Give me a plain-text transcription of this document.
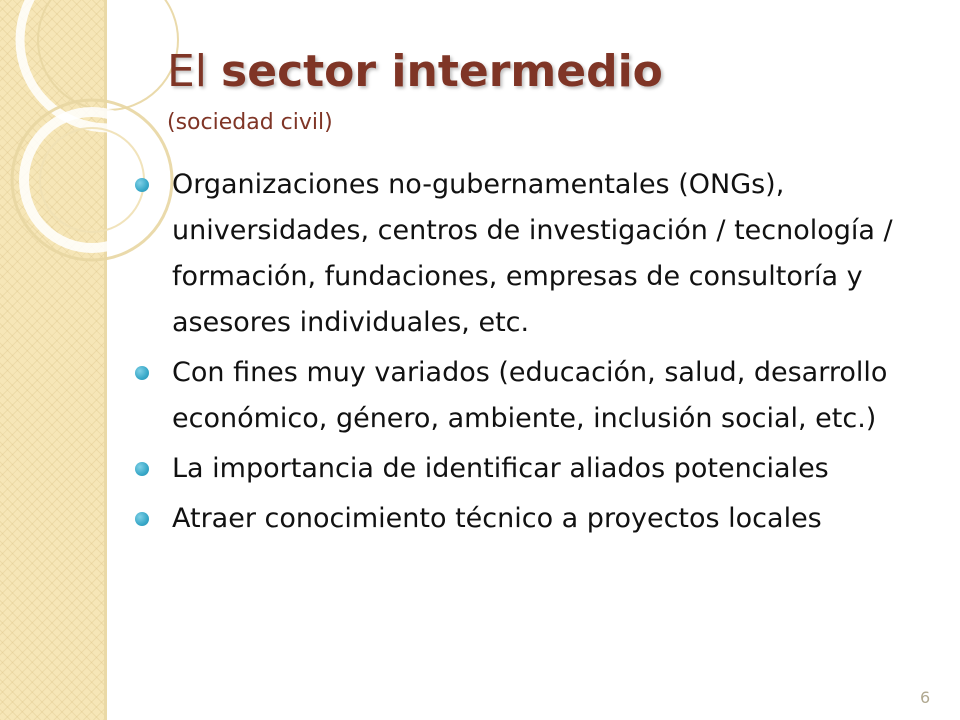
El sector intermedio

(sociedad civil)

Organizaciones no-gubernamentales (ONGs), universidades, centros de investigación / tecnología / formación, fundaciones, empresas de consultoría y asesores individuales, etc.
Con fines muy variados (educación, salud, desarrollo económico, género, ambiente, inclusión social, etc.)
La importancia de identificar aliados potenciales
Atraer conocimiento técnico a proyectos locales
6
